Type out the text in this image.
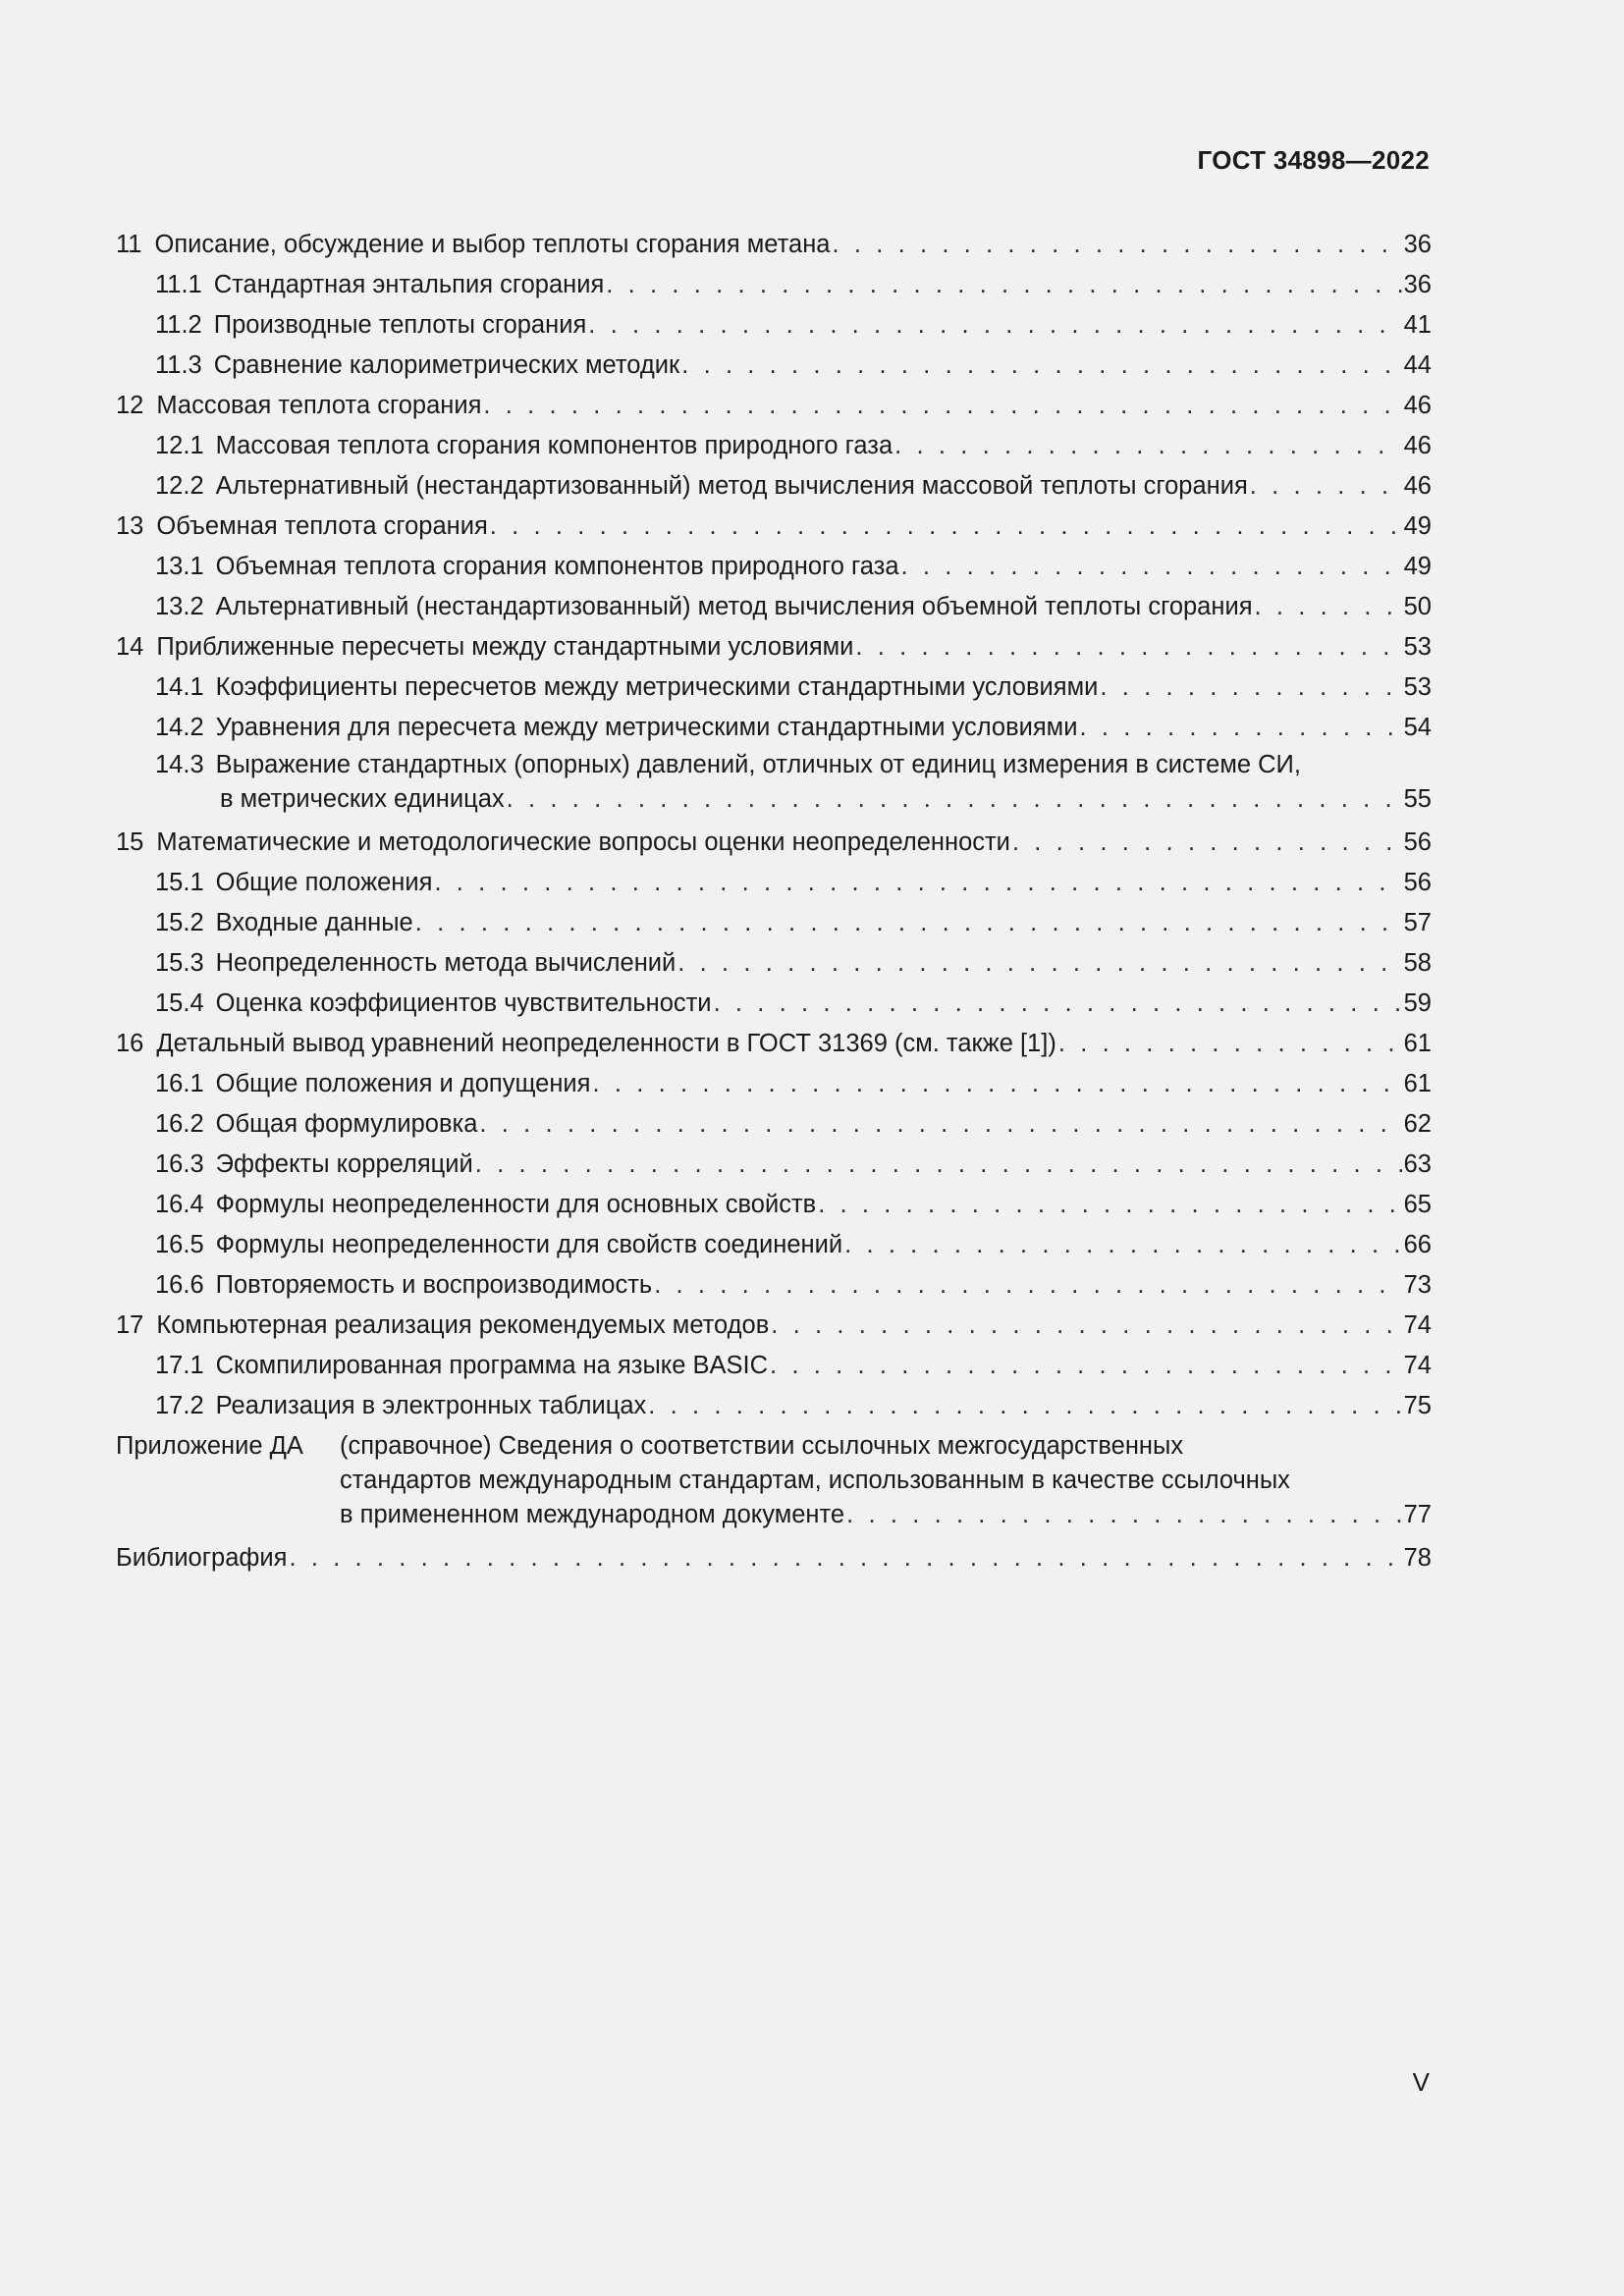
ГОСТ 34898—2022
11 Описание, обсуждение и выбор теплоты сгорания метана . . .	36
11.1 Стандартная энтальпия сгорания . . .	36
11.2 Производные теплоты сгорания . . .	41
11.3 Сравнение калориметрических методик . . .	44
12 Массовая теплота сгорания . . .	46
12.1 Массовая теплота сгорания компонентов природного газа . . .	46
12.2 Альтернативный (нестандартизованный) метод вычисления массовой теплоты сгорания . . .	46
13 Объемная теплота сгорания . . .	49
13.1 Объемная теплота сгорания компонентов природного газа . . .	49
13.2 Альтернативный (нестандартизованный) метод вычисления объемной теплоты сгорания . . .	50
14 Приближенные пересчеты между стандартными условиями . . .	53
14.1 Коэффициенты пересчетов между метрическими стандартными условиями . . .	53
14.2 Уравнения для пересчета между метрическими стандартными условиями . . .	54
14.3 Выражение стандартных (опорных) давлений, отличных от единиц измерения в системе СИ,
в метрических единицах . . .	55
15 Математические и методологические вопросы оценки неопределенности . . .	56
15.1 Общие положения . . .	56
15.2 Входные данные . . .	57
15.3 Неопределенность метода вычислений . . .	58
15.4 Оценка коэффициентов чувствительности . . .	59
16 Детальный вывод уравнений неопределенности в ГОСТ 31369 (см. также [1]) . . .	61
16.1 Общие положения и допущения . . .	61
16.2 Общая формулировка . . .	62
16.3 Эффекты корреляций . . .	63
16.4 Формулы неопределенности для основных свойств . . .	65
16.5 Формулы неопределенности для свойств соединений . . .	66
16.6 Повторяемость и воспроизводимость . . .	73
17 Компьютерная реализация рекомендуемых методов . . .	74
17.1 Скомпилированная программа на языке BASIC . . .	74
17.2 Реализация в электронных таблицах . . .	75
Приложение ДА	(справочное) Сведения о соответствии ссылочных межгосударственных
стандартов международным стандартам, использованным в качестве ссылочных
в примененном международном документе . . .	77
Библиография . . .	78
V
